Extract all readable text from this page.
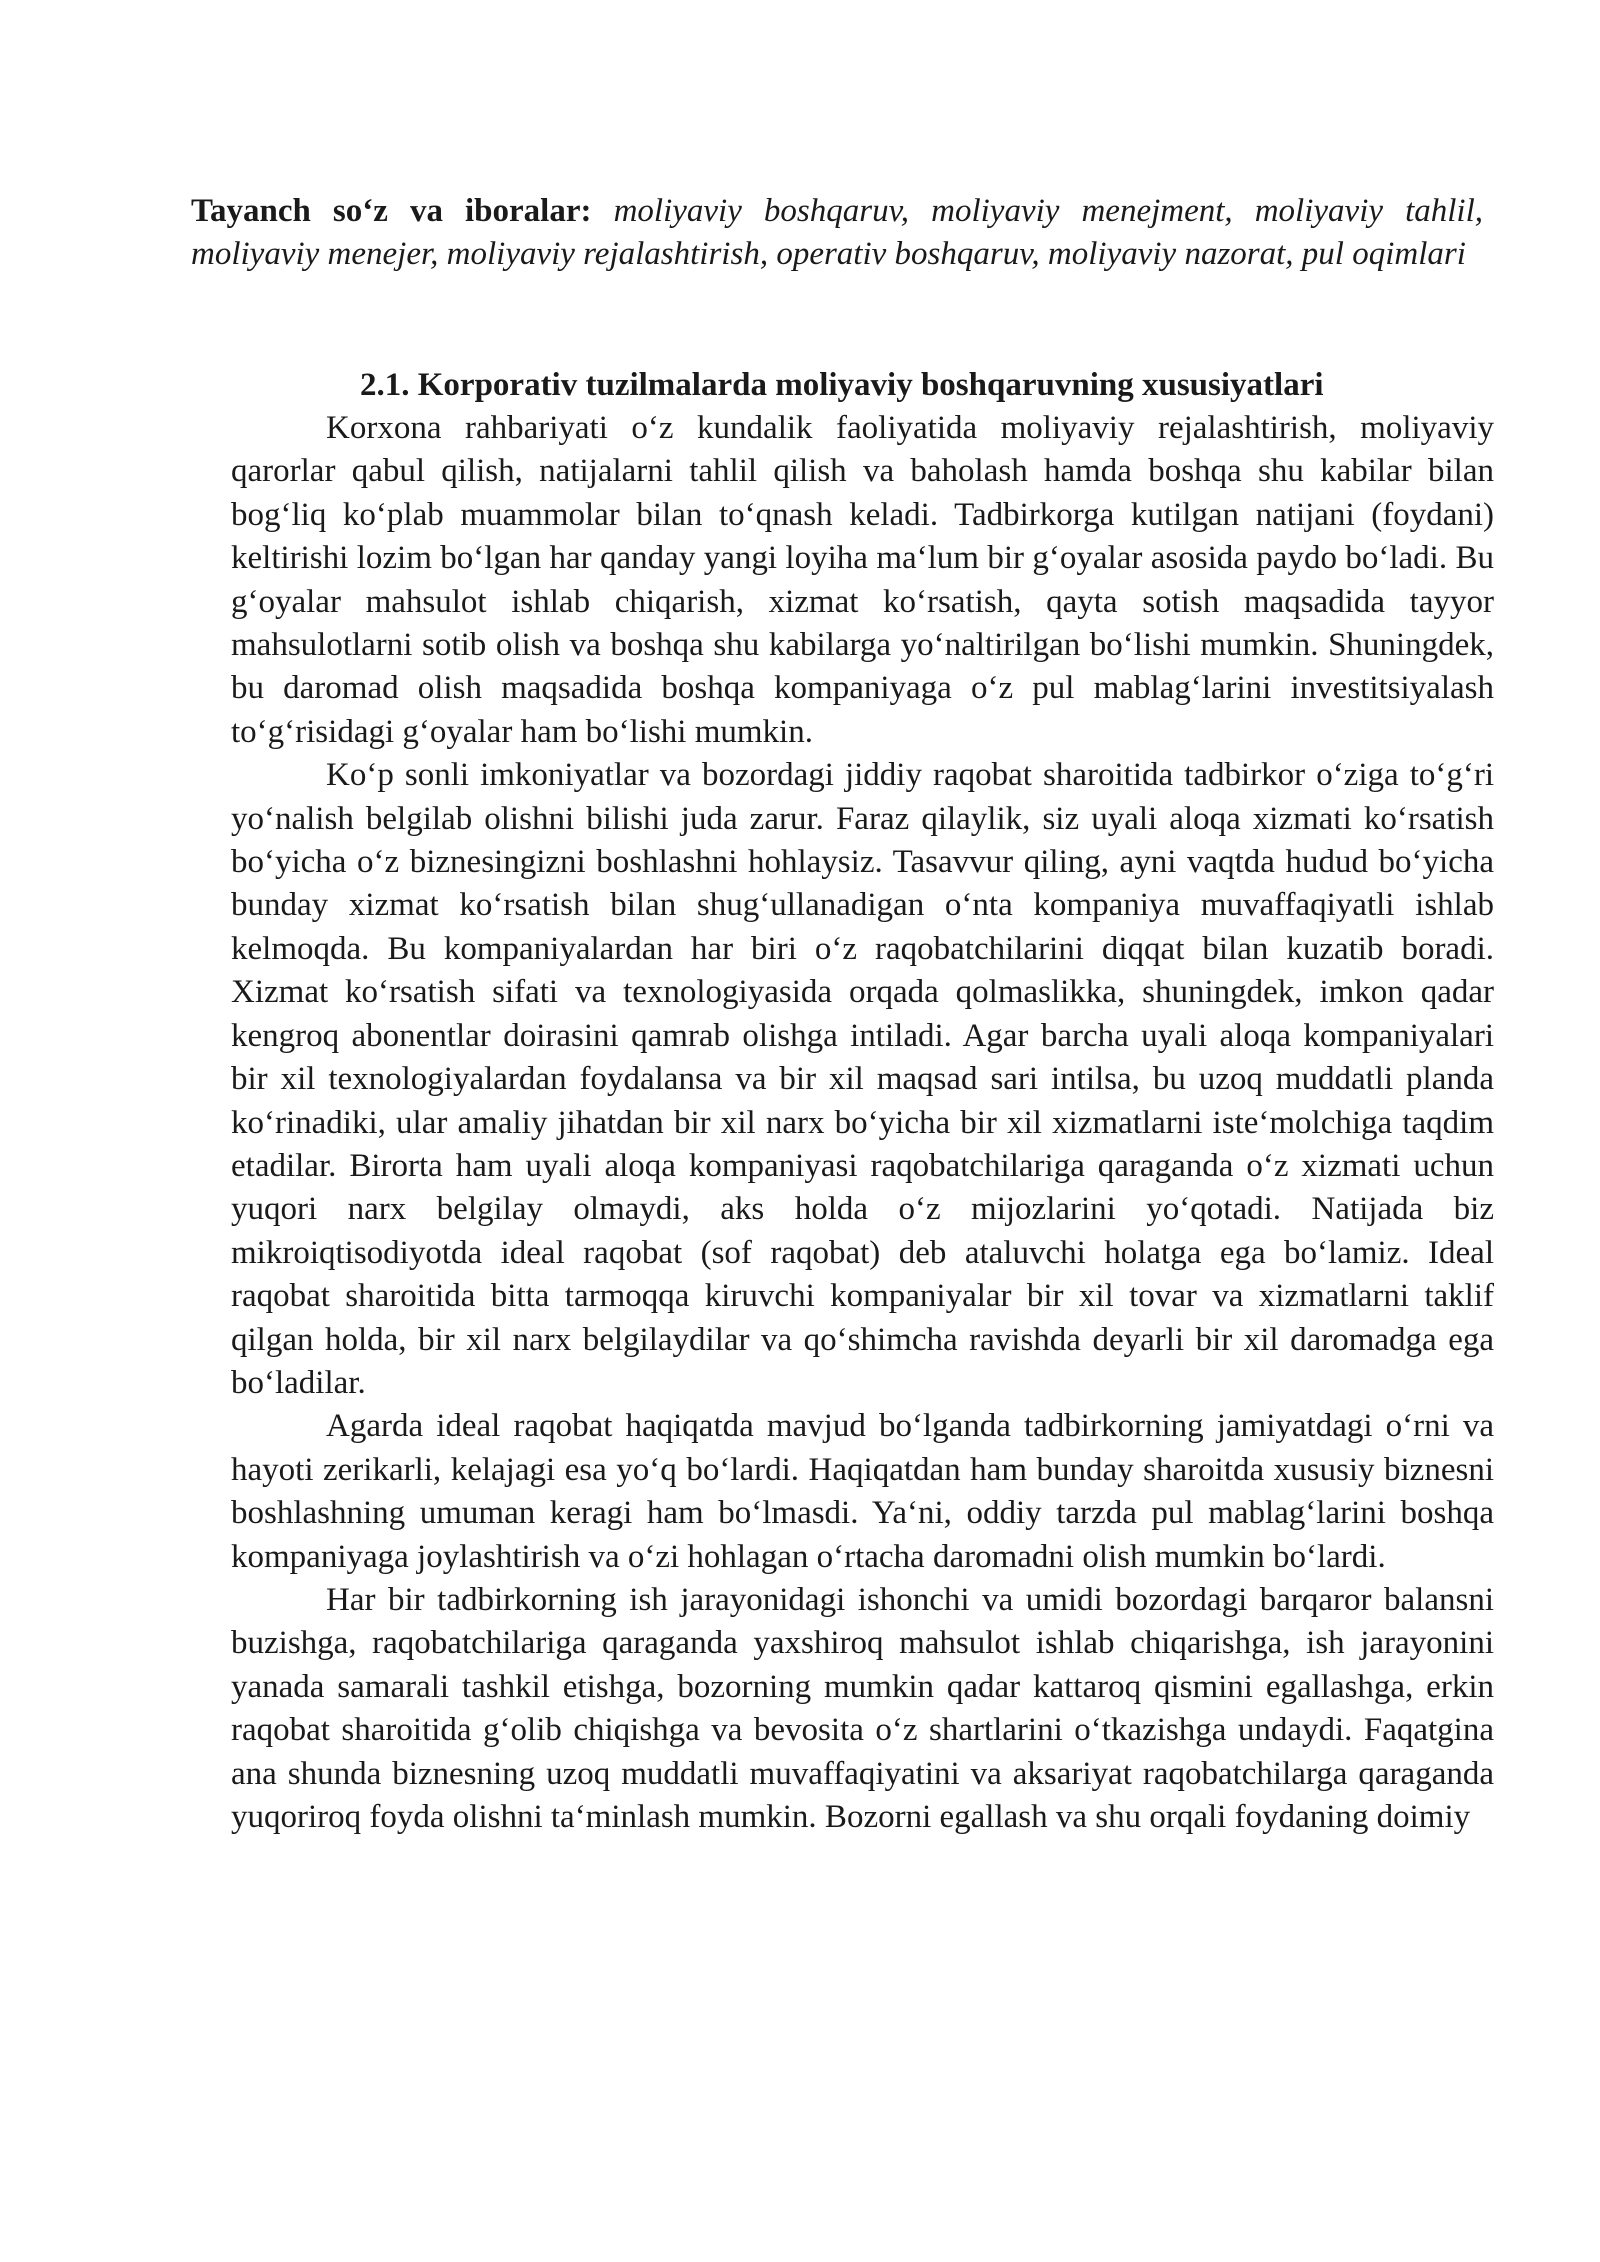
Tayanch so‘z va iboralar: moliyaviy boshqaruv, moliyaviy menejment, moliyaviy tahlil, moliyaviy menejer, moliyaviy rejalashtirish, operativ boshqaruv, moliyaviy nazorat, pul oqimlari

2.1. Korporativ tuzilmalarda moliyaviy boshqaruvning xususiyatlari

Korxona rahbariyati o‘z kundalik faoliyatida moliyaviy rejalashtirish, moliyaviy qarorlar qabul qilish, natijalarni tahlil qilish va baholash hamda boshqa shu kabilar bilan bog‘liq ko‘plab muammolar bilan to‘qnash keladi. Tadbirkorga kutilgan natijani (foydani) keltirishi lozim bo‘lgan har qanday yangi loyiha ma‘lum bir g‘oyalar asosida paydo bo‘ladi. Bu g‘oyalar mahsulot ishlab chiqarish, xizmat ko‘rsatish, qayta sotish maqsadida tayyor mahsulotlarni sotib olish va boshqa shu kabilarga yo‘naltirilgan bo‘lishi mumkin. Shuningdek, bu daromad olish maqsadida boshqa kompaniyaga o‘z pul mablag‘larini investitsiyalash to‘g‘risidagi g‘oyalar ham bo‘lishi mumkin.

Ko‘p sonli imkoniyatlar va bozordagi jiddiy raqobat sharoitida tadbirkor o‘ziga to‘g‘ri yo‘nalish belgilab olishni bilishi juda zarur. Faraz qilaylik, siz uyali aloqa xizmati ko‘rsatish bo‘yicha o‘z biznesingizni boshlashni hohlaysiz. Tasavvur qiling, ayni vaqtda hudud bo‘yicha bunday xizmat ko‘rsatish bilan shug‘ullanadigan o‘nta kompaniya muvaffaqiyatli ishlab kelmoqda. Bu kompaniyalardan har biri o‘z raqobatchilarini diqqat bilan kuzatib boradi. Xizmat ko‘rsatish sifati va texnologiyasida orqada qolmaslikka, shuningdek, imkon qadar kengroq abonentlar doirasini qamrab olishga intiladi. Agar barcha uyali aloqa kompaniyalari bir xil texnologiyalardan foydalansa va bir xil maqsad sari intilsa, bu uzoq muddatli planda ko‘rinadiki, ular amaliy jihatdan bir xil narx bo‘yicha bir xil xizmatlarni iste‘molchiga taqdim etadilar. Birorta ham uyali aloqa kompaniyasi raqobatchilariga qaraganda o‘z xizmati uchun yuqori narx belgilay olmaydi, aks holda o‘z mijozlarini yo‘qotadi. Natijada biz mikroiqtisodiyotda ideal raqobat (sof raqobat) deb ataluvchi holatga ega bo‘lamiz. Ideal raqobat sharoitida bitta tarmoqqa kiruvchi kompaniyalar bir xil tovar va xizmatlarni taklif qilgan holda, bir xil narx belgilaydilar va qo‘shimcha ravishda deyarli bir xil daromadga ega bo‘ladilar.

Agarda ideal raqobat haqiqatda mavjud bo‘lganda tadbirkorning jamiyatdagi o‘rni va hayoti zerikarli, kelajagi esa yo‘q bo‘lardi. Haqiqatdan ham bunday sharoitda xususiy biznesni boshlashning umuman keragi ham bo‘lmasdi. Ya‘ni, oddiy tarzda pul mablag‘larini boshqa kompaniyaga joylashtirish va o‘zi hohlagan o‘rtacha daromadni olish mumkin bo‘lardi.

Har bir tadbirkorning ish jarayonidagi ishonchi va umidi bozordagi barqaror balansni buzishga, raqobatchilariga qaraganda yaxshiroq mahsulot ishlab chiqarishga, ish jarayonini yanada samarali tashkil etishga, bozorning mumkin qadar kattaroq qismini egallashga, erkin raqobat sharoitida g‘olib chiqishga va bevosita o‘z shartlarini o‘tkazishga undaydi. Faqatgina ana shunda biznesning uzoq muddatli muvaffaqiyatini va aksariyat raqobatchilarga qaraganda yuqoriroq foyda olishni ta‘minlash mumkin. Bozorni egallash va shu orqali foydaning doimiy
